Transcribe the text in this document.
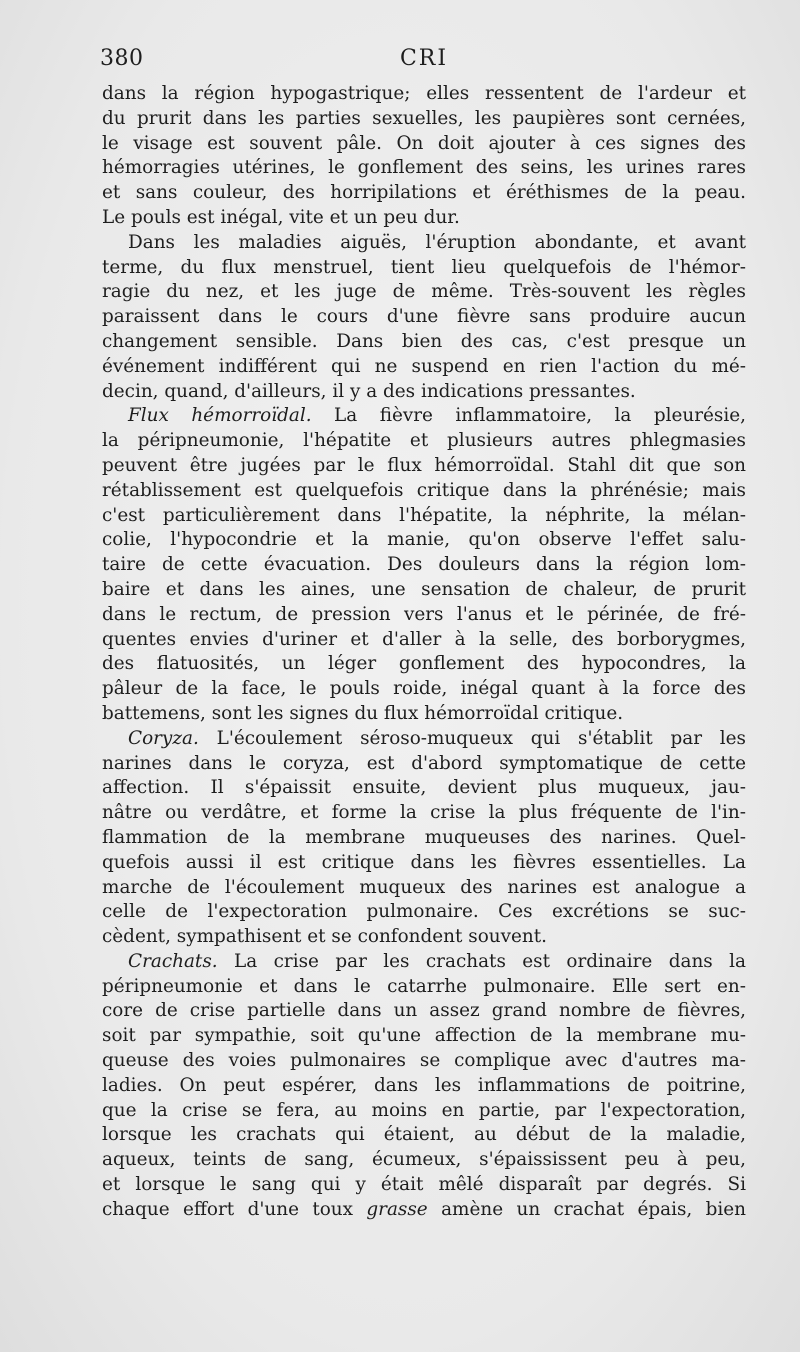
380	CRI
dans la région hypogastrique; elles ressentent de l'ardeur et
du prurit dans les parties sexuelles, les paupières sont cernées,
le visage est souvent pâle. On doit ajouter à ces signes des
hémorragies utérines, le gonflement des seins, les urines rares
et sans couleur, des horripilations et éréthismes de la peau.
Le pouls est inégal, vite et un peu dur.
Dans les maladies aiguës, l'éruption abondante, et avant
terme, du flux menstruel, tient lieu quelquefois de l'hémor-
ragie du nez, et les juge de même. Très-souvent les règles
paraissent dans le cours d'une fièvre sans produire aucun
changement sensible. Dans bien des cas, c'est presque un
événement indifférent qui ne suspend en rien l'action du mé-
decin, quand, d'ailleurs, il y a des indications pressantes.
Flux hémorroïdal. La fièvre inflammatoire, la pleurésie,
la péripneumonie, l'hépatite et plusieurs autres phlegmasies
peuvent être jugées par le flux hémorroïdal. Stahl dit que son
rétablissement est quelquefois critique dans la phrénésie; mais
c'est particulièrement dans l'hépatite, la néphrite, la mélan-
colie, l'hypocondrie et la manie, qu'on observe l'effet salu-
taire de cette évacuation. Des douleurs dans la région lom-
baire et dans les aines, une sensation de chaleur, de prurit
dans le rectum, de pression vers l'anus et le périnée, de fré-
quentes envies d'uriner et d'aller à la selle, des borborygmes,
des flatuosités, un léger gonflement des hypocondres, la
pâleur de la face, le pouls roide, inégal quant à la force des
battemens, sont les signes du flux hémorroïdal critique.
Coryza. L'écoulement séroso-muqueux qui s'établit par les
narines dans le coryza, est d'abord symptomatique de cette
affection. Il s'épaissit ensuite, devient plus muqueux, jau-
nâtre ou verdâtre, et forme la crise la plus fréquente de l'in-
flammation de la membrane muqueuses des narines. Quel-
quefois aussi il est critique dans les fièvres essentielles. La
marche de l'écoulement muqueux des narines est analogue a
celle de l'expectoration pulmonaire. Ces excrétions se suc-
cèdent, sympathisent et se confondent souvent.
Crachats. La crise par les crachats est ordinaire dans la
péripneumonie et dans le catarrhe pulmonaire. Elle sert en-
core de crise partielle dans un assez grand nombre de fièvres,
soit par sympathie, soit qu'une affection de la membrane mu-
queuse des voies pulmonaires se complique avec d'autres ma-
ladies. On peut espérer, dans les inflammations de poitrine,
que la crise se fera, au moins en partie, par l'expectoration,
lorsque les crachats qui étaient, au début de la maladie,
aqueux, teints de sang, écumeux, s'épaississent peu à peu,
et lorsque le sang qui y était mêlé disparaît par degrés. Si
chaque effort d'une toux grasse amène un crachat épais, bien
